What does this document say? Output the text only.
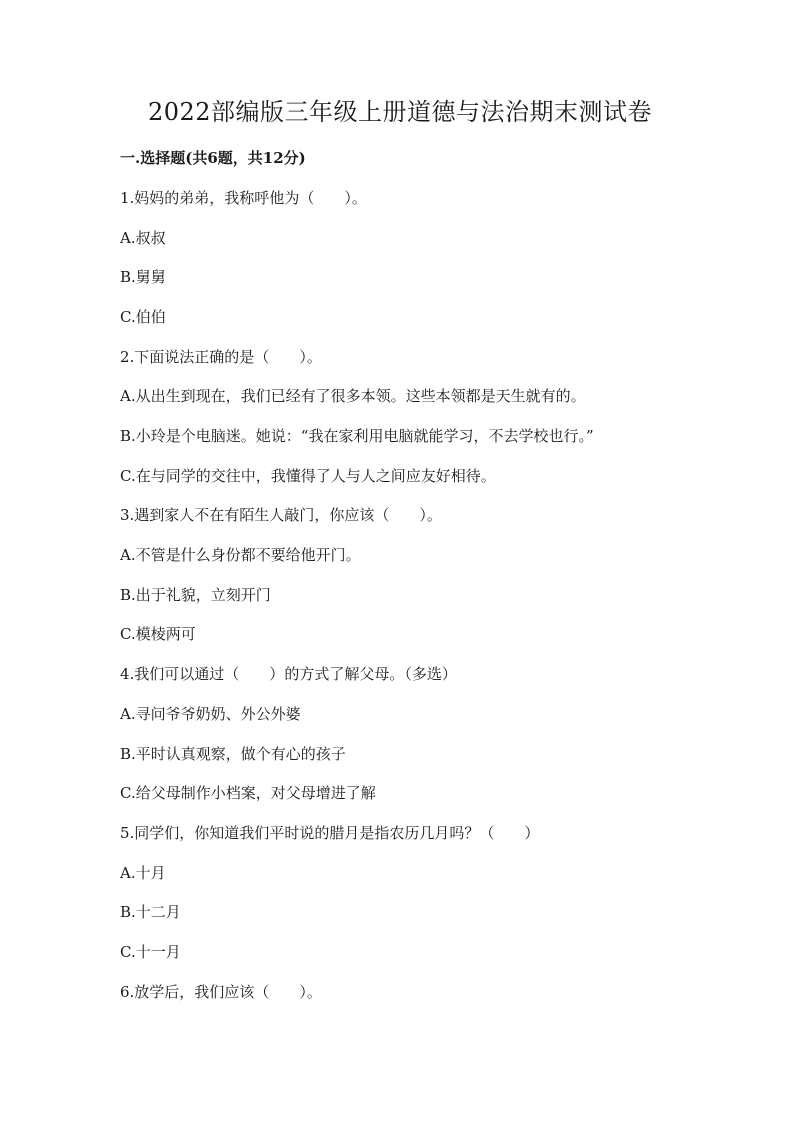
2022部编版三年级上册道德与法治期末测试卷
一.选择题(共6题，共12分)
1.妈妈的弟弟，我称呼他为（　　）。
A.叔叔
B.舅舅
C.伯伯
2.下面说法正确的是（　　）。
A.从出生到现在，我们已经有了很多本领。这些本领都是天生就有的。
B.小玲是个电脑迷。她说：“我在家利用电脑就能学习，不去学校也行。”
C.在与同学的交往中，我懂得了人与人之间应友好相待。
3.遇到家人不在有陌生人敲门，你应该（　　）。
A.不管是什么身份都不要给他开门。
B.出于礼貌，立刻开门
C.模棱两可
4.我们可以通过（　　）的方式了解父母。（多选）
A.寻问爷爷奶奶、外公外婆
B.平时认真观察，做个有心的孩子
C.给父母制作小档案，对父母增进了解
5.同学们，你知道我们平时说的腊月是指农历几月吗？（　　）
A.十月
B.十二月
C.十一月
6.放学后，我们应该（　　）。
